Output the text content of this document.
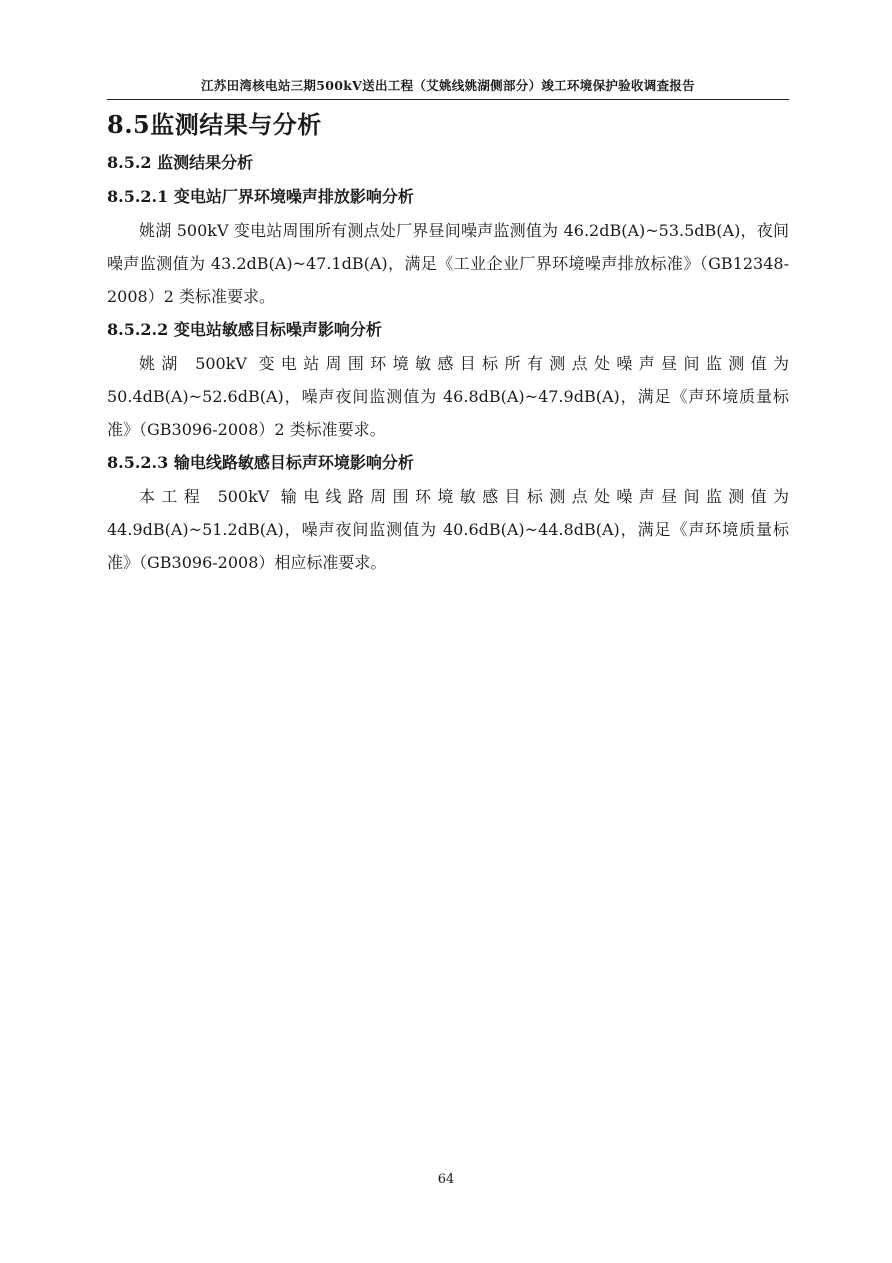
江苏田湾核电站三期500kV送出工程（艾姚线姚湖侧部分）竣工环境保护验收调查报告
8.5监测结果与分析
8.5.2 监测结果分析
8.5.2.1 变电站厂界环境噪声排放影响分析

姚湖 500kV 变电站周围所有测点处厂界昼间噪声监测值为 46.2dB(A)~53.5dB(A)，夜间噪声监测值为 43.2dB(A)~47.1dB(A)，满足《工业企业厂界环境噪声排放标准》（GB12348-2008）2 类标准要求。

8.5.2.2 变电站敏感目标噪声影响分析

姚湖 500kV 变电站周围环境敏感目标所有测点处噪声昼间监测值为 50.4dB(A)~52.6dB(A)，噪声夜间监测值为 46.8dB(A)~47.9dB(A)，满足《声环境质量标准》（GB3096-2008）2 类标准要求。

8.5.2.3 输电线路敏感目标声环境影响分析

本工程 500kV 输电线路周围环境敏感目标测点处噪声昼间监测值为 44.9dB(A)~51.2dB(A)，噪声夜间监测值为 40.6dB(A)~44.8dB(A)，满足《声环境质量标准》（GB3096-2008）相应标准要求。

64
